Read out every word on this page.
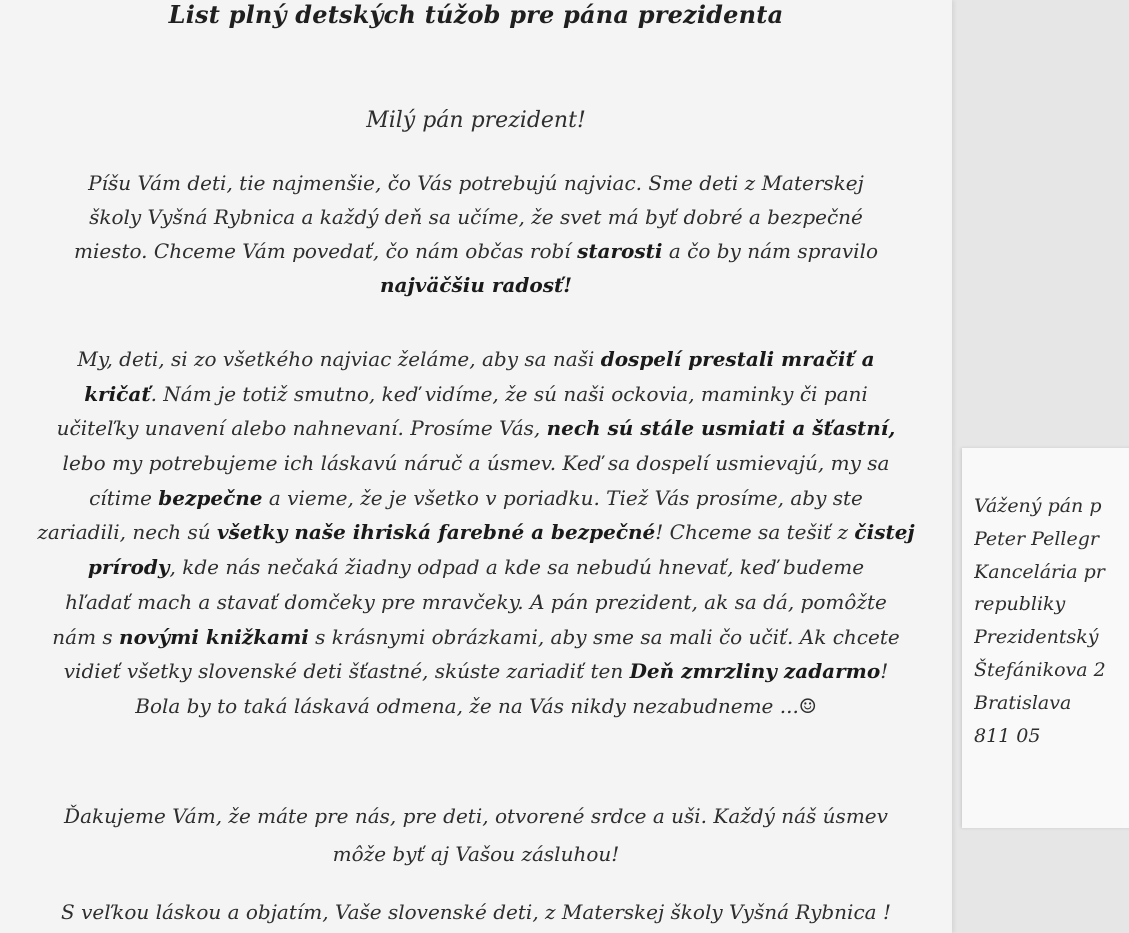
List plný detských túžob pre pána prezidenta
Milý pán prezident!
Píšu Vám deti, tie najmenšie, čo Vás potrebujú najviac. Sme deti z Materskej
školy Vyšná Rybnica a každý deň sa učíme, že svet má byť dobré a bezpečné
miesto. Chceme Vám povedať, čo nám občas robí starosti a čo by nám spravilo
najväčšiu radosť!
My, deti, si zo všetkého najviac želáme, aby sa naši dospelí prestali mračiť a
kričať. Nám je totiž smutno, keď vidíme, že sú naši ockovia, maminky či pani
učiteľky unavení alebo nahnevaní. Prosíme Vás, nech sú stále usmiati a šťastní,
lebo my potrebujeme ich láskavú náruč a úsmev. Keď sa dospelí usmievajú, my sa
cítime bezpečne a vieme, že je všetko v poriadku. Tiež Vás prosíme, aby ste
zariadili, nech sú všetky naše ihriská farebné a bezpečné! Chceme sa tešiť z čistej
prírody, kde nás nečaká žiadny odpad a kde sa nebudú hnevať, keď budeme
hľadať mach a stavať domčeky pre mravčeky. A pán prezident, ak sa dá, pomôžte
nám s novými knižkami s krásnymi obrázkami, aby sme sa mali čo učiť. Ak chcete
vidieť všetky slovenské deti šťastné, skúste zariadiť ten Deň zmrzliny zadarmo!
Bola by to taká láskavá odmena, že na Vás nikdy nezabudneme ...☺
Ďakujeme Vám, že máte pre nás, pre deti, otvorené srdce a uši. Každý náš úsmev
môže byť aj Vašou zásluhou!
S veľkou láskou a objatím, Vaše slovenské deti, z Materskej školy Vyšná Rybnica !
Vážený pán p
Peter Pellegr
Kancelária pr
republiky
Prezidentský
Štefánikova 2
Bratislava
811 05
